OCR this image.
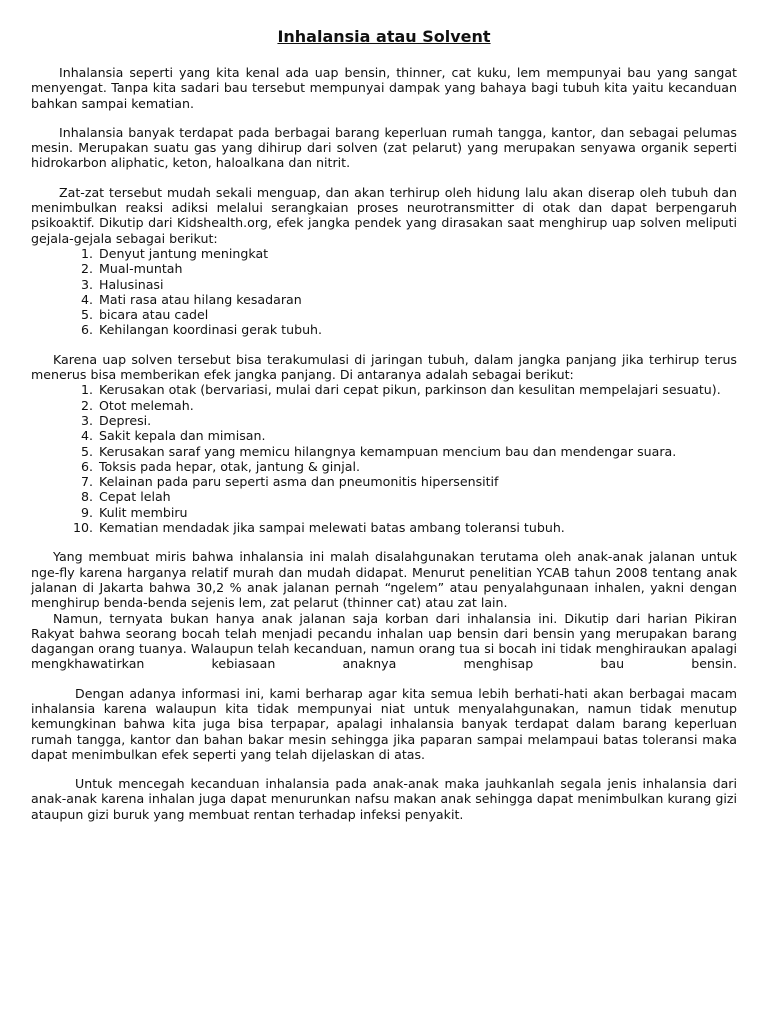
Inhalansia atau Solvent

Inhalansia seperti yang kita kenal ada uap bensin, thinner, cat kuku, lem mempunyai bau yang sangat menyengat. Tanpa kita sadari bau tersebut mempunyai dampak yang bahaya bagi tubuh kita yaitu kecanduan bahkan sampai kematian.

Inhalansia banyak terdapat pada berbagai barang keperluan rumah tangga, kantor, dan sebagai pelumas mesin. Merupakan suatu gas yang dihirup dari solven (zat pelarut) yang merupakan senyawa organik seperti hidrokarbon aliphatic, keton, haloalkana dan nitrit.

Zat-zat tersebut mudah sekali menguap, dan akan terhirup oleh hidung lalu akan diserap oleh tubuh dan menimbulkan reaksi adiksi melalui serangkaian proses neurotransmitter di otak dan dapat berpengaruh psikoaktif. Dikutip dari Kidshealth.org, efek jangka pendek yang dirasakan saat menghirup uap solven meliputi gejala-gejala sebagai berikut:

1. Denyut jantung meningkat
2. Mual-muntah
3. Halusinasi
4. Mati rasa atau hilang kesadaran
5. bicara atau cadel
6. Kehilangan koordinasi gerak tubuh.

Karena uap solven tersebut bisa terakumulasi di jaringan tubuh, dalam jangka panjang jika terhirup terus menerus bisa memberikan efek jangka panjang. Di antaranya adalah sebagai berikut:

1. Kerusakan otak (bervariasi, mulai dari cepat pikun, parkinson dan kesulitan mempelajari sesuatu).
2. Otot melemah.
3. Depresi.
4. Sakit kepala dan mimisan.
5. Kerusakan saraf yang memicu hilangnya kemampuan mencium bau dan mendengar suara.
6. Toksis pada hepar, otak, jantung & ginjal.
7. Kelainan pada paru seperti asma dan pneumonitis hipersensitif
8. Cepat lelah
9. Kulit membiru
10. Kematian mendadak jika sampai melewati batas ambang toleransi tubuh.

Yang membuat miris bahwa inhalansia ini malah disalahgunakan terutama oleh anak-anak jalanan untuk nge-fly karena harganya relatif murah dan mudah didapat. Menurut penelitian YCAB tahun 2008 tentang anak jalanan di Jakarta bahwa 30,2 % anak jalanan pernah “ngelem” atau penyalahgunaan inhalen, yakni dengan menghirup benda-benda sejenis lem, zat pelarut (thinner cat) atau zat lain.

Namun, ternyata bukan hanya anak jalanan saja korban dari inhalansia ini. Dikutip dari harian Pikiran Rakyat bahwa seorang bocah telah menjadi pecandu inhalan uap bensin dari bensin yang merupakan barang dagangan orang tuanya. Walaupun telah kecanduan, namun orang tua si bocah ini tidak menghiraukan apalagi mengkhawatirkan kebiasaan anaknya menghisap bau bensin.

Dengan adanya informasi ini, kami berharap agar kita semua lebih berhati-hati akan berbagai macam inhalansia karena walaupun kita tidak mempunyai niat untuk menyalahgunakan, namun tidak menutup kemungkinan bahwa kita juga bisa terpapar, apalagi inhalansia banyak terdapat dalam barang keperluan rumah tangga, kantor dan bahan bakar mesin sehingga jika paparan sampai melampaui batas toleransi maka dapat menimbulkan efek seperti yang telah dijelaskan di atas.

Untuk mencegah kecanduan inhalansia pada anak-anak maka jauhkanlah segala jenis inhalansia dari anak-anak karena inhalan juga dapat menurunkan nafsu makan anak sehingga dapat menimbulkan kurang gizi ataupun gizi buruk yang membuat rentan terhadap infeksi penyakit.
